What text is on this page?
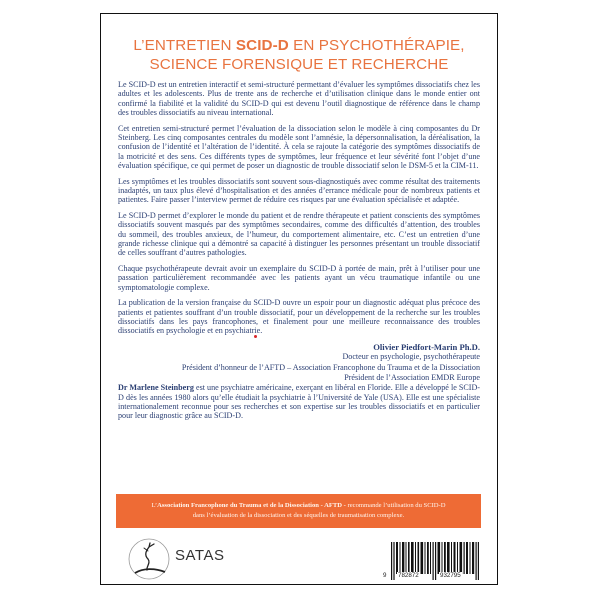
L’ENTRETIEN SCID-D EN PSYCHOTHÉRAPIE,
SCIENCE FORENSIQUE ET RECHERCHE

Le SCID-D est un entretien interactif et semi-structuré permettant d’évaluer les symptômes dissociatifs chez les adultes et les adolescents. Plus de trente ans de recherche et d’utilisation clinique dans le monde entier ont confirmé la fiabilité et la validité du SCID-D qui est devenu l’outil diagnostique de référence dans le champ des troubles dissociatifs au niveau international.

Cet entretien semi-structuré permet l’évaluation de la dissociation selon le modèle à cinq composantes du Dr Steinberg. Les cinq composantes centrales du modèle sont l’amnésie, la dépersonnalisation, la déréalisation, la confusion de l’identité et l’altération de l’identité. À cela se rajoute la catégorie des symptômes dissociatifs de la motricité et des sens. Ces différents types de symptômes, leur fréquence et leur sévérité font l’objet d’une évaluation spécifique, ce qui permet de poser un diagnostic de trouble dissociatif selon le DSM-5 et la CIM-11.

Les symptômes et les troubles dissociatifs sont souvent sous-diagnostiqués avec comme résultat des traitements inadaptés, un taux plus élevé d’hospitalisation et des années d’errance médicale pour de nombreux patients et patientes. Faire passer l’interview permet de réduire ces risques par une évaluation spécialisée et adaptée.

Le SCID-D permet d’explorer le monde du patient et de rendre thérapeute et patient conscients des symptômes dissociatifs souvent masqués par des symptômes secondaires, comme des difficultés d’attention, des troubles du sommeil, des troubles anxieux, de l’humeur, du comportement alimentaire, etc. C’est un entretien d’une grande richesse clinique qui a démontré sa capacité à distinguer les personnes présentant un trouble dissociatif de celles souffrant d’autres pathologies.

Chaque psychothérapeute devrait avoir un exemplaire du SCID-D à portée de main, prêt à l’utiliser pour une passation particulièrement recommandée avec les patients ayant un vécu traumatique infantile ou une symptomatologie complexe.

La publication de la version française du SCID-D ouvre un espoir pour un diagnostic adéquat plus précoce des patients et patientes souffrant d’un trouble dissociatif, pour un développement de la recherche sur les troubles dissociatifs dans les pays francophones, et finalement pour une meilleure reconnaissance des troubles dissociatifs en psychologie et en psychiatrie.

Olivier Piedfort-Marin Ph.D.
Docteur en psychologie, psychothérapeute
Président d’honneur de l’AFTD – Association Francophone du Trauma et de la Dissociation
Président de l’Association EMDR Europe

Dr Marlene Steinberg est une psychiatre américaine, exerçant en libéral en Floride. Elle a développé le SCID-D dès les années 1980 alors qu’elle étudiait la psychiatrie à l’Université de Yale (USA). Elle est une spécialiste internationalement reconnue pour ses recherches et son expertise sur les troubles dissociatifs et en particulier pour leur diagnostic grâce au SCID-D.

L’Association Francophone du Trauma et de la Dissociation - AFTD - recommande l’utilisation du SCID-D
dans l’évaluation de la dissociation et des séquelles de traumatisation complexe.
SATAS
9 782872	932795
